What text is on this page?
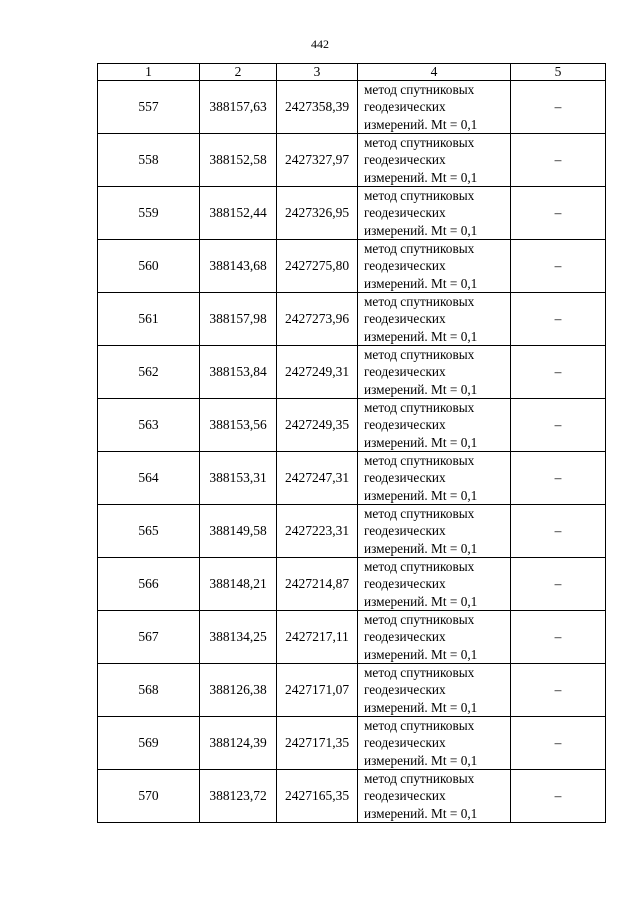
442
1	2	3	4	5
557	388157,63	2427358,39	метод спутниковых
геодезических
измерений. Mt = 0,1	–
558	388152,58	2427327,97	метод спутниковых
геодезических
измерений. Mt = 0,1	–
559	388152,44	2427326,95	метод спутниковых
геодезических
измерений. Mt = 0,1	–
560	388143,68	2427275,80	метод спутниковых
геодезических
измерений. Mt = 0,1	–
561	388157,98	2427273,96	метод спутниковых
геодезических
измерений. Mt = 0,1	–
562	388153,84	2427249,31	метод спутниковых
геодезических
измерений. Mt = 0,1	–
563	388153,56	2427249,35	метод спутниковых
геодезических
измерений. Mt = 0,1	–
564	388153,31	2427247,31	метод спутниковых
геодезических
измерений. Mt = 0,1	–
565	388149,58	2427223,31	метод спутниковых
геодезических
измерений. Mt = 0,1	–
566	388148,21	2427214,87	метод спутниковых
геодезических
измерений. Mt = 0,1	–
567	388134,25	2427217,11	метод спутниковых
геодезических
измерений. Mt = 0,1	–
568	388126,38	2427171,07	метод спутниковых
геодезических
измерений. Mt = 0,1	–
569	388124,39	2427171,35	метод спутниковых
геодезических
измерений. Mt = 0,1	–
570	388123,72	2427165,35	метод спутниковых
геодезических
измерений. Mt = 0,1	–
